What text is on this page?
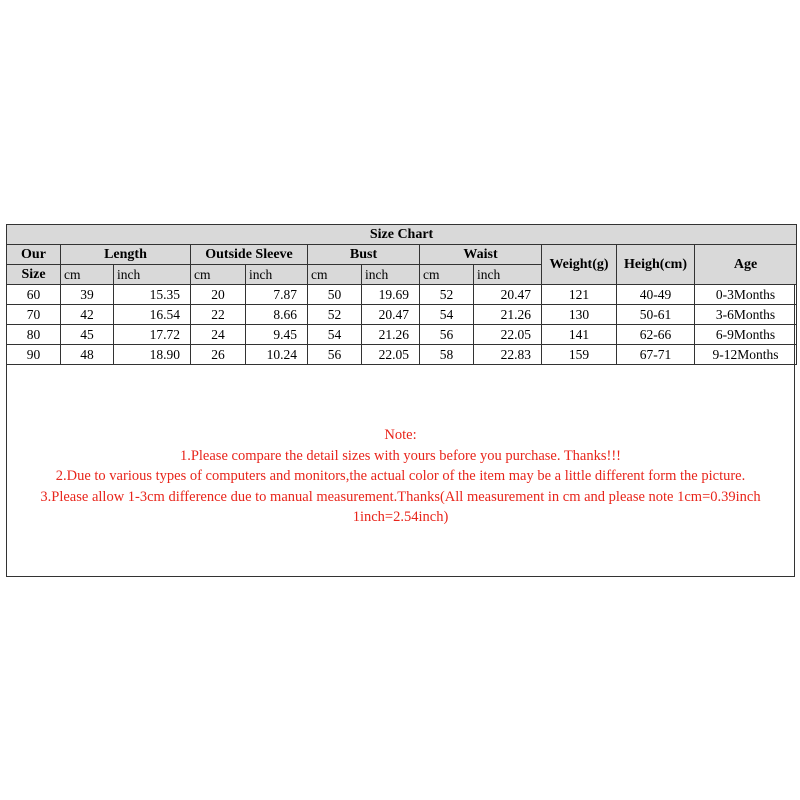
Size Chart											
Our	Length		Outside Sleeve		Bust		Waist		Weight(g)	Heigh(cm)	Age
Size	cm	inch	cm	inch	cm	inch	cm	inch			
60	39	15.35	20	7.87	50	19.69	52	20.47	121	40-49	0-3Months
70	42	16.54	22	8.66	52	20.47	54	21.26	130	50-61	3-6Months
80	45	17.72	24	9.45	54	21.26	56	22.05	141	62-66	6-9Months
90	48	18.90	26	10.24	56	22.05	58	22.83	159	67-71	9-12Months
Note:
1.Please compare the detail sizes with yours before you purchase. Thanks!!!
2.Due to various types of computers and monitors,the actual color of the item may be a little different form the picture.
3.Please allow 1-3cm difference due to manual measurement.Thanks(All measurement in cm and please note 1cm=0.39inch
1inch=2.54inch)
